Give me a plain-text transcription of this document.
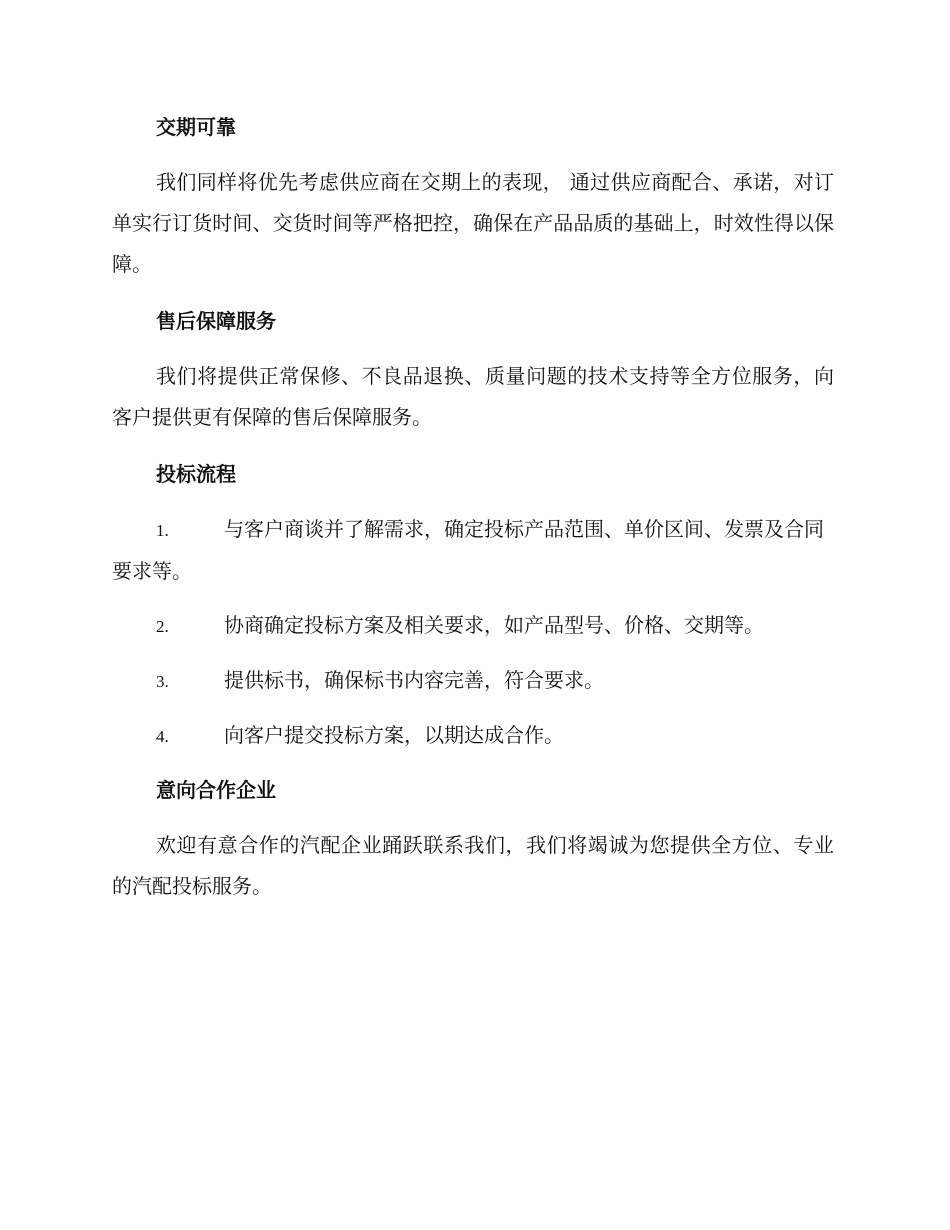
交期可靠

我们同样将优先考虑供应商在交期上的表现， 通过供应商配合、承诺，对订单实行订货时间、交货时间等严格把控，确保在产品品质的基础上，时效性得以保障。

售后保障服务

我们将提供正常保修、不良品退换、质量问题的技术支持等全方位服务，向客户提供更有保障的售后保障服务。

投标流程

1.	与客户商谈并了解需求，确定投标产品范围、单价区间、发票及合同要求等。

2.	协商确定投标方案及相关要求，如产品型号、价格、交期等。

3.	提供标书，确保标书内容完善，符合要求。

4.	向客户提交投标方案，以期达成合作。

意向合作企业

欢迎有意合作的汽配企业踊跃联系我们，我们将竭诚为您提供全方位、专业的汽配投标服务。
